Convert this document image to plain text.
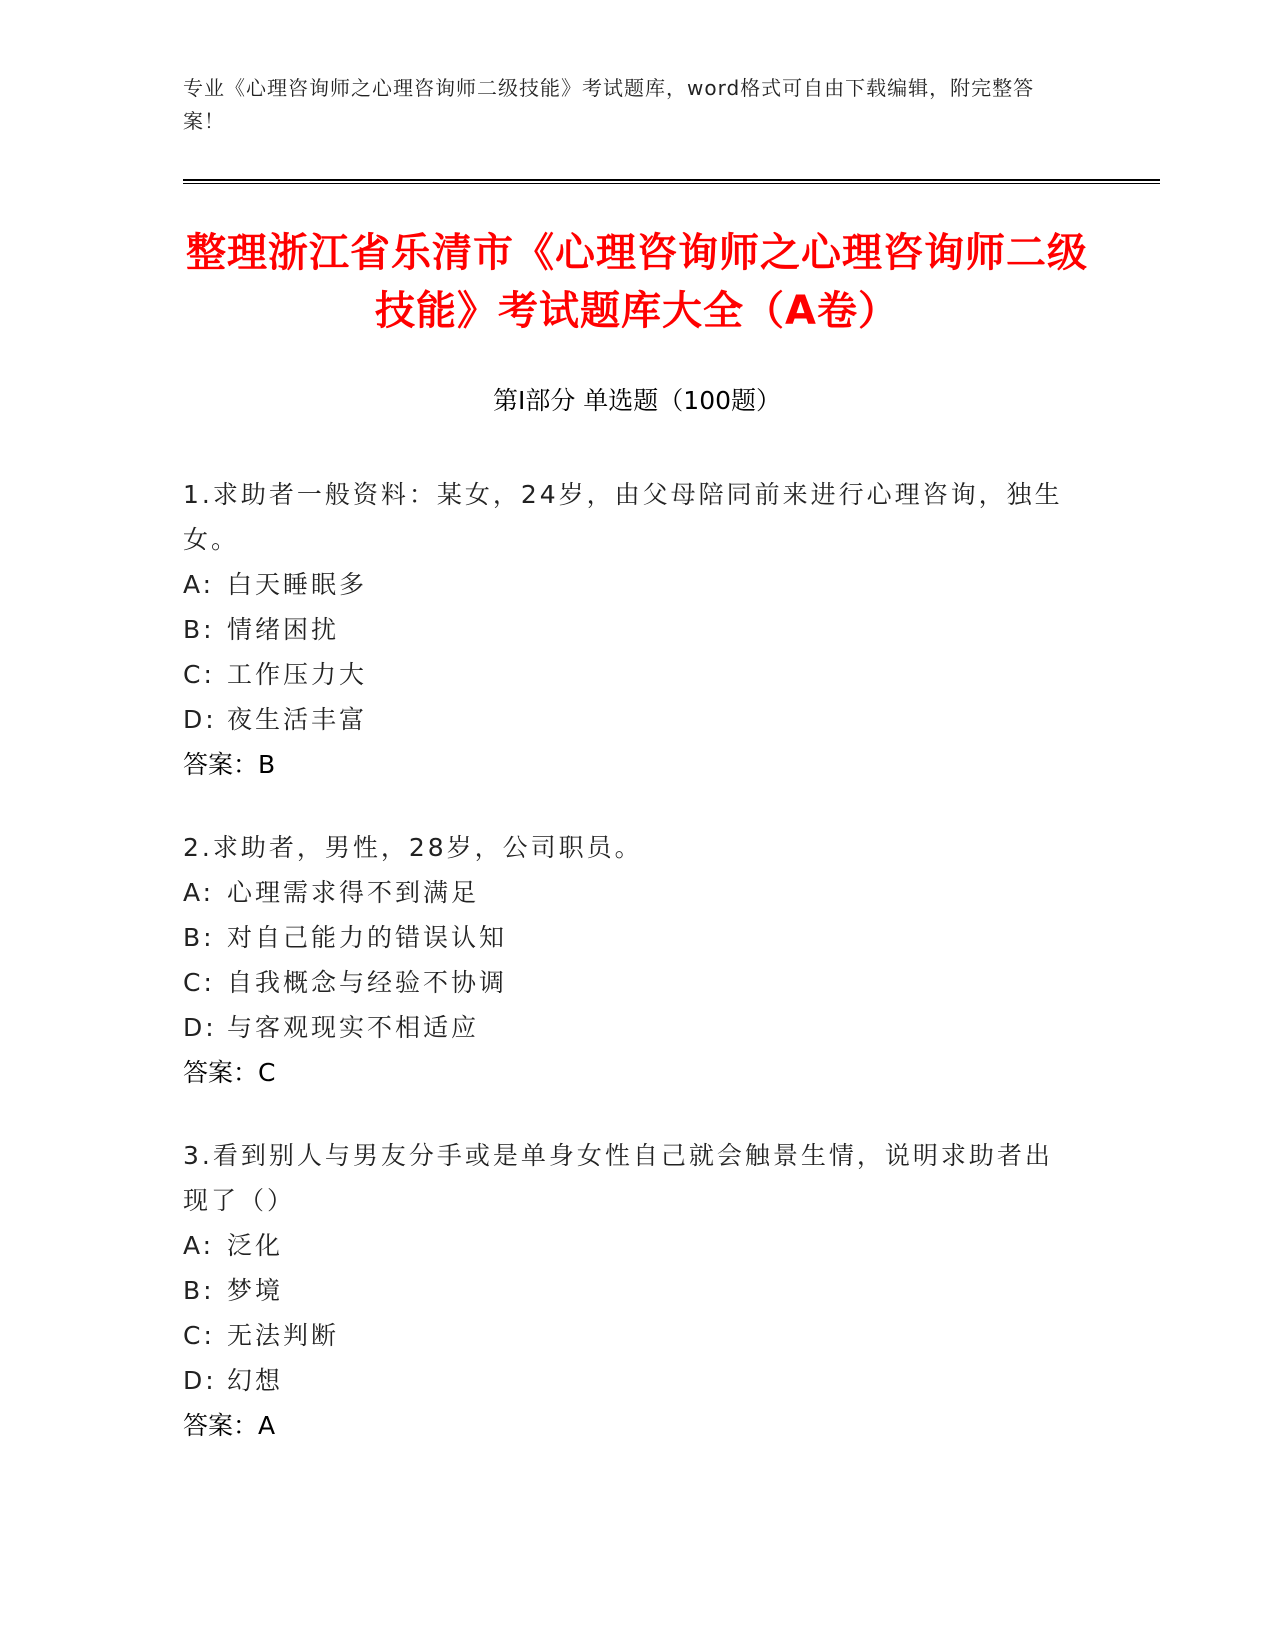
专业《心理咨询师之心理咨询师二级技能》考试题库，word格式可自由下载编辑，附完整答案！
整理浙江省乐清市《心理咨询师之心理咨询师二级技能》考试题库大全（A卷）
第Ⅰ部分 单选题（100题）
1.求助者一般资料：某女，24岁，由父母陪同前来进行心理咨询，独生女。
A: 白天睡眠多
B: 情绪困扰
C: 工作压力大
D: 夜生活丰富
答案：B
2.求助者，男性，28岁，公司职员。
A: 心理需求得不到满足
B: 对自己能力的错误认知
C: 自我概念与经验不协调
D: 与客观现实不相适应
答案：C
3.看到别人与男友分手或是单身女性自己就会触景生情，说明求助者出现了（）
A: 泛化
B: 梦境
C: 无法判断
D: 幻想
答案：A
